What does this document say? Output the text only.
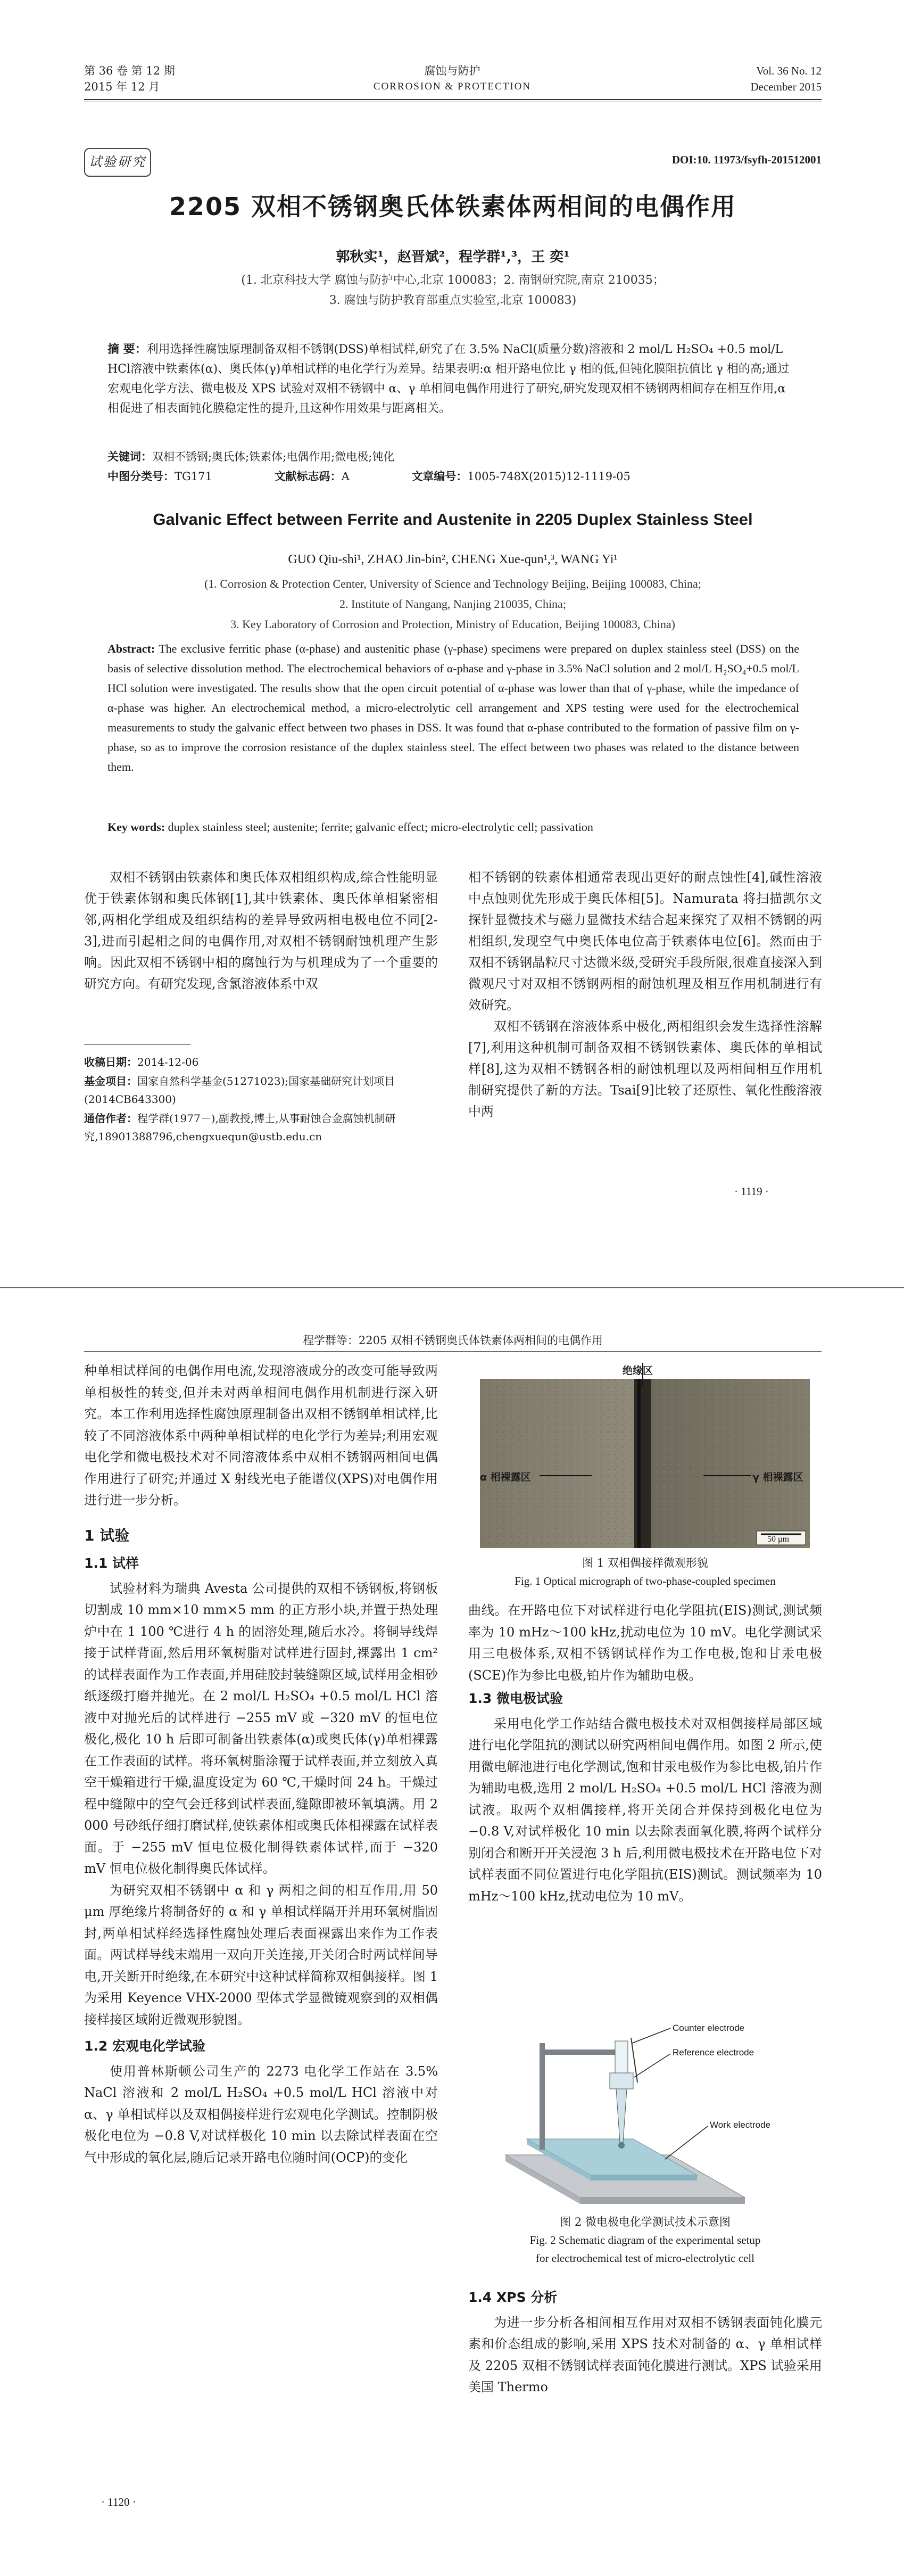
第 36 卷 第 12 期
2015 年 12 月
腐蚀与防护
CORROSION & PROTECTION
Vol. 36 No. 12
December 2015
试验研究	DOI:10. 11973/fsyfh-201512001
2205 双相不锈钢奥氏体铁素体两相间的电偶作用
郭秋实¹，赵晋斌²，程学群¹,³，王 奕¹
(1. 北京科技大学 腐蚀与防护中心,北京 100083；2. 南钢研究院,南京 210035；
3. 腐蚀与防护教育部重点实验室,北京 100083)
摘 要：利用选择性腐蚀原理制备双相不锈钢(DSS)单相试样,研究了在 3.5% NaCl(质量分数)溶液和 2 mol/L H₂SO₄ +0.5 mol/L HCl溶液中铁素体(α)、奥氏体(γ)单相试样的电化学行为差异。结果表明:α 相开路电位比 γ 相的低,但钝化膜阻抗值比 γ 相的高;通过宏观电化学方法、微电极及 XPS 试验对双相不锈钢中 α、γ 单相间电偶作用进行了研究,研究发现双相不锈钢两相间存在相互作用,α 相促进了相表面钝化膜稳定性的提升,且这种作用效果与距离相关。
关键词：双相不锈钢;奥氏体;铁素体;电偶作用;微电极;钝化
中图分类号：TG171	文献标志码：A	文章编号：1005-748X(2015)12-1119-05
Galvanic Effect between Ferrite and Austenite in 2205 Duplex Stainless Steel
GUO Qiu-shi¹, ZHAO Jin-bin², CHENG Xue-qun¹,³, WANG Yi¹
(1. Corrosion & Protection Center, University of Science and Technology Beijing, Beijing 100083, China;
2. Institute of Nangang, Nanjing 210035, China;
3. Key Laboratory of Corrosion and Protection, Ministry of Education, Beijing 100083, China)
Abstract: The exclusive ferritic phase (α-phase) and austenitic phase (γ-phase) specimens were prepared on duplex stainless steel (DSS) on the basis of selective dissolution method. The electrochemical behaviors of α-phase and γ-phase in 3.5% NaCl solution and 2 mol/L H₂SO₄+0.5 mol/L HCl solution were investigated. The results show that the open circuit potential of α-phase was lower than that of γ-phase, while the impedance of α-phase was higher. An electrochemical method, a micro-electrolytic cell arrangement and XPS testing were used for the electrochemical measurements to study the galvanic effect between two phases in DSS. It was found that α-phase contributed to the formation of passive film on γ-phase, so as to improve the corrosion resistance of the duplex stainless steel. The effect between two phases was related to the distance between them.
Key words: duplex stainless steel; austenite; ferrite; galvanic effect; micro-electrolytic cell; passivation
双相不锈钢由铁素体和奥氏体双相组织构成,综合性能明显优于铁素体钢和奥氏体钢[1],其中铁素体、奥氏体单相紧密相邻,两相化学组成及组织结构的差异导致两相电极电位不同[2-3],进而引起相之间的电偶作用,对双相不锈钢耐蚀机理产生影响。因此双相不锈钢中相的腐蚀行为与机理成为了一个重要的研究方向。有研究发现,含氯溶液体系中双

相不锈钢的铁素体相通常表现出更好的耐点蚀性[4],碱性溶液中点蚀则优先形成于奥氏体相[5]。Namurata 将扫描凯尔文探针显微技术与磁力显微技术结合起来探究了双相不锈钢的两相组织,发现空气中奥氏体电位高于铁素体电位[6]。然而由于双相不锈钢晶粒尺寸达微米级,受研究手段所限,很难直接深入到微观尺寸对双相不锈钢两相的耐蚀机理及相互作用机制进行有效研究。

双相不锈钢在溶液体系中极化,两相组织会发生选择性溶解[7],利用这种机制可制备双相不锈钢铁素体、奥氏体的单相试样[8],这为双相不锈钢各相的耐蚀机理以及两相间相互作用机制研究提供了新的方法。Tsai[9]比较了还原性、氧化性酸溶液中两

收稿日期：2014-12-06
基金项目：国家自然科学基金(51271023);国家基础研究计划项目(2014CB643300)
通信作者：程学群(1977－),副教授,博士,从事耐蚀合金腐蚀机制研究,18901388796,chengxuequn@ustb.edu.cn
· 1119 ·
程学群等：2205 双相不锈钢奥氏体铁素体两相间的电偶作用

种单相试样间的电偶作用电流,发现溶液成分的改变可能导致两单相极性的转变,但并未对两单相间电偶作用机制进行深入研究。本工作利用选择性腐蚀原理制备出双相不锈钢单相试样,比较了不同溶液体系中两种单相试样的电化学行为差异;利用宏观电化学和微电极技术对不同溶液体系中双相不锈钢两相间电偶作用进行了研究;并通过 X 射线光电子能谱仪(XPS)对电偶作用进行进一步分析。

1 试验
1.1 试样

试验材料为瑞典 Avesta 公司提供的双相不锈钢板,将钢板切割成 10 mm×10 mm×5 mm 的正方形小块,并置于热处理炉中在 1 100 ℃进行 4 h 的固溶处理,随后水冷。将铜导线焊接于试样背面,然后用环氧树脂对试样进行固封,裸露出 1 cm² 的试样表面作为工作表面,并用硅胶封装缝隙区域,试样用金相砂纸逐级打磨并抛光。在 2 mol/L H₂SO₄ +0.5 mol/L HCl 溶液中对抛光后的试样进行 −255 mV 或 −320 mV 的恒电位极化,极化 10 h 后即可制备出铁素体(α)或奥氏体(γ)单相裸露在工作表面的试样。将环氧树脂涂覆于试样表面,并立刻放入真空干燥箱进行干燥,温度设定为 60 ℃,干燥时间 24 h。干燥过程中缝隙中的空气会迁移到试样表面,缝隙即被环氧填满。用 2 000 号砂纸仔细打磨试样,使铁素体相或奥氏体相裸露在试样表面。于 −255 mV 恒电位极化制得铁素体试样,而于 −320 mV 恒电位极化制得奥氏体试样。

为研究双相不锈钢中 α 和 γ 两相之间的相互作用,用 50 μm 厚绝缘片将制备好的 α 和 γ 单相试样隔开并用环氧树脂固封,两单相试样经选择性腐蚀处理后表面裸露出来作为工作表面。两试样导线末端用一双向开关连接,开关闭合时两试样间导电,开关断开时绝缘,在本研究中这种试样简称双相偶接样。图 1 为采用 Keyence VHX-2000 型体式学显微镜观察到的双相偶接样接区域附近微观形貌图。

1.2 宏观电化学试验

使用普林斯顿公司生产的 2273 电化学工作站在 3.5% NaCl 溶液和 2 mol/L H₂SO₄ +0.5 mol/L HCl 溶液中对 α、γ 单相试样以及双相偶接样进行宏观电化学测试。控制阴极极化电位为 −0.8 V,对试样极化 10 min 以去除试样表面在空气中形成的氧化层,随后记录开路电位随时间(OCP)的变化

绝缘区
α 相裸露区	γ 相裸露区
50 μm
图 1 双相偶接样微观形貌
Fig. 1 Optical micrograph of two-phase-coupled specimen

曲线。在开路电位下对试样进行电化学阻抗(EIS)测试,测试频率为 10 mHz～100 kHz,扰动电位为 10 mV。电化学测试采用三电极体系,双相不锈钢试样作为工作电极,饱和甘汞电极(SCE)作为参比电极,铂片作为辅助电极。

1.3 微电极试验

采用电化学工作站结合微电极技术对双相偶接样局部区域进行电化学阻抗的测试以研究两相间电偶作用。如图 2 所示,使用微电解池进行电化学测试,饱和甘汞电极作为参比电极,铂片作为辅助电极,选用 2 mol/L H₂SO₄ +0.5 mol/L HCl 溶液为测试液。取两个双相偶接样,将开关闭合并保持到极化电位为 −0.8 V,对试样极化 10 min 以去除表面氧化膜,将两个试样分别闭合和断开开关浸泡 3 h 后,利用微电极技术在开路电位下对试样表面不同位置进行电化学阻抗(EIS)测试。测试频率为 10 mHz～100 kHz,扰动电位为 10 mV。

Counter electrode
Reference electrode
Work electrode
图 2 微电极电化学测试技术示意图
Fig. 2 Schematic diagram of the experimental setup
for electrochemical test of micro-electrolytic cell
1.4 XPS 分析

为进一步分析各相间相互作用对双相不锈钢表面钝化膜元素和价态组成的影响,采用 XPS 技术对制备的 α、γ 单相试样及 2205 双相不锈钢试样表面钝化膜进行测试。XPS 试验采用美国 Thermo

· 1120 ·
